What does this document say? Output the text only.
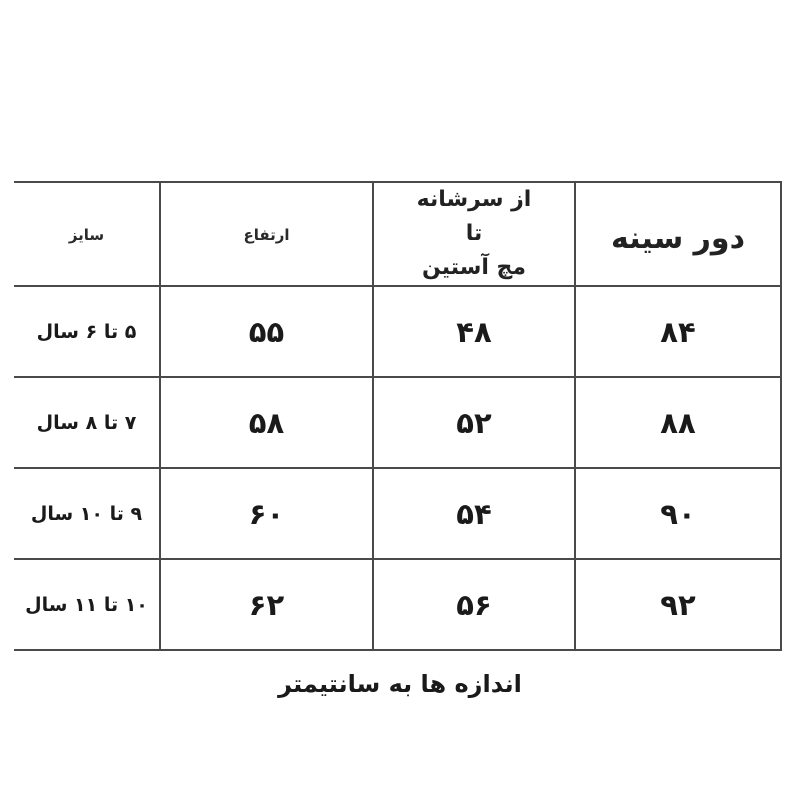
سایز	ارتفاع	از سرشانه تا
مچ آستین	دور سینه

۵ تا ۶ سال	۵۵	۴۸	۸۴
۷ تا ۸ سال	۵۸	۵۲	۸۸
۹ تا ۱۰ سال	۶۰	۵۴	۹۰
۱۰ تا ۱۱ سال	۶۲	۵۶	۹۲
اندازه ها به سانتیمتر
